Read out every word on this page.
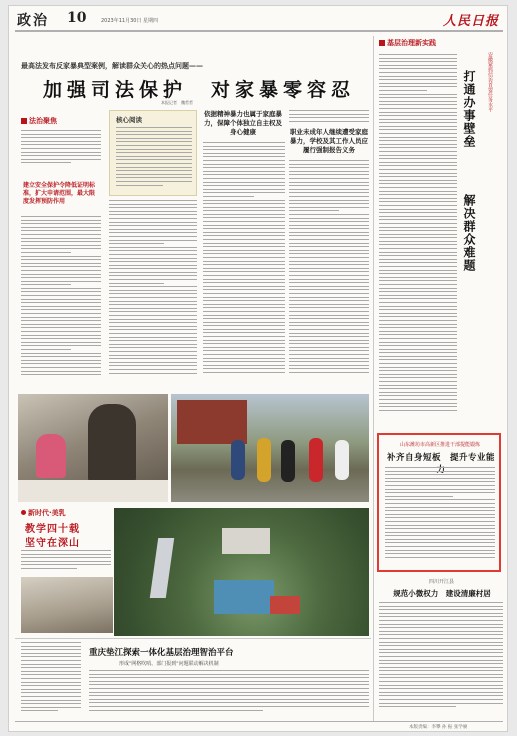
政治 10	2023年11月30日 星期四	人民日报
最高法发布反家暴典型案例，解读群众关心的热点问题——
加强司法保护　对家暴零容忍
本报记者　魏哲哲
法治聚焦
建立安全保护令降低证明标准，扩大申请范围，最大限度发挥预防作用
核心阅读
依据精神暴力也属于家庭暴力，保障个体独立自主权及身心健康	职业未成年人继续遭受家庭暴力，学校及其工作人员应履行强制报告义务
基层治理新实践
安徽紧抓信访首要任务水平
打通办事壁垒
解决群众难题
山东潍坊市高新区推进干部提能锻炼
补齐自身短板　提升专业能
四川开江县
规范小微权力　建设清廉村居
新时代·美乳
教学四十载
坚守在深山
重庆垫江探索一体化基层治理智治平台
形成"网格吹哨、部门报到"问题联动解决机制
本版责编：李攀 孙 振 张学赓
